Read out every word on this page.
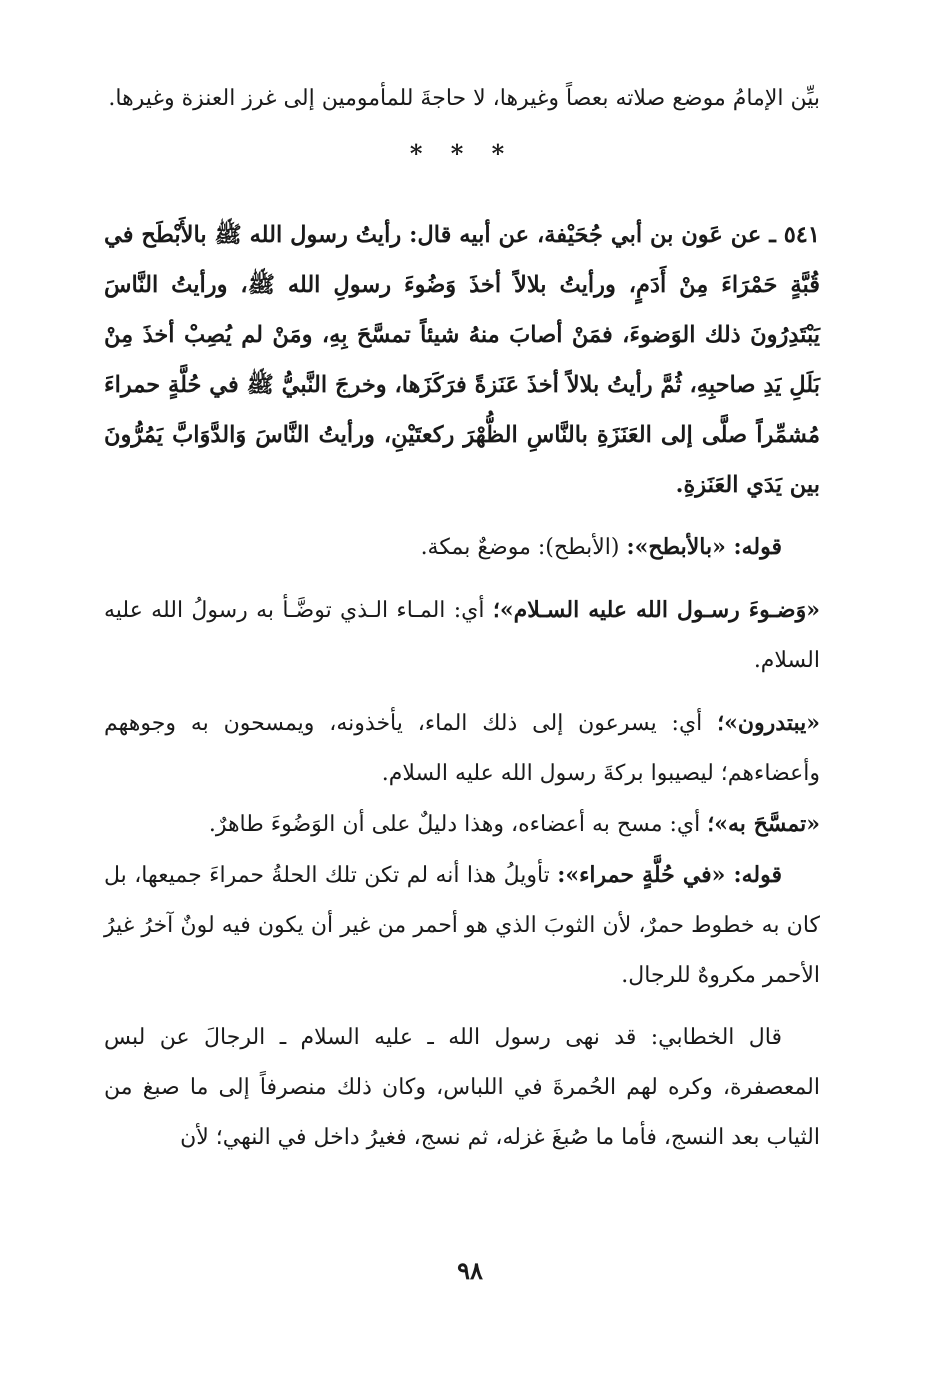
بيِّن الإمامُ موضع صلاته بعصاً وغيرها، لا حاجةَ للمأمومين إلى غرز العنزة وغيرها.

* * *

٥٤١ ـ عن عَون بن أبي جُحَيْفة، عن أبيه قال: رأيتُ رسول الله ﷺ بالأَبْطَح في قُبَّةٍ حَمْرَاءَ مِنْ أَدَمٍ، ورأيتُ بلالاً أخذَ وَضُوءَ رسولِ الله ﷺ، ورأيتُ النَّاسَ يَبْتَدِرُونَ ذلك الوَضوءَ، فمَنْ أصابَ منهُ شيئاً تمسَّحَ بِهِ، ومَنْ لم يُصِبْ أخذَ مِنْ بَلَلِ يَدِ صاحبِهِ، ثُمَّ رأيتُ بلالاً أخذَ عَنَزةً فرَكَزَها، وخرجَ النَّبيُّ ﷺ في حُلَّةٍ حمراءَ مُشمِّراً صلَّى إلى العَنَزَةِ بالنَّاسِ الظُّهْرَ ركعتَيْنِ، ورأيتُ النَّاسَ وَالدَّوَابَّ يَمُرُّونَ بين يَدَي العَنَزةِ.

قوله: «بالأبطح»: (الأبطح): موضعٌ بمكة.

«وَضـوءَ رسـول الله عليه السـلام»؛ أي: المـاء الـذي توضَّـأ به رسولُ الله عليه السلام.

«يبتدرون»؛ أي: يسرعون إلى ذلك الماء، يأخذونه، ويمسحون به وجوههم وأعضاءهم؛ ليصيبوا بركةَ رسول الله عليه السلام.

«تمسَّحَ به»؛ أي: مسح به أعضاءه، وهذا دليلٌ على أن الوَضُوءَ طاهرٌ.

قوله: «في حُلَّةٍ حمراء»: تأويلُ هذا أنه لم تكن تلك الحلةُ حمراءَ جميعها، بل كان به خطوط حمرٌ، لأن الثوبَ الذي هو أحمر من غير أن يكون فيه لونٌ آخرُ غيرُ الأحمر مكروهٌ للرجال.

قال الخطابي: قد نهى رسول الله ـ عليه السلام ـ الرجالَ عن لبس المعصفرة، وكره لهم الحُمرةَ في اللباس، وكان ذلك منصرفاً إلى ما صبغ من الثياب بعد النسج، فأما ما صُبغَ غزله، ثم نسج، فغيرُ داخل في النهي؛ لأن

٩٨
